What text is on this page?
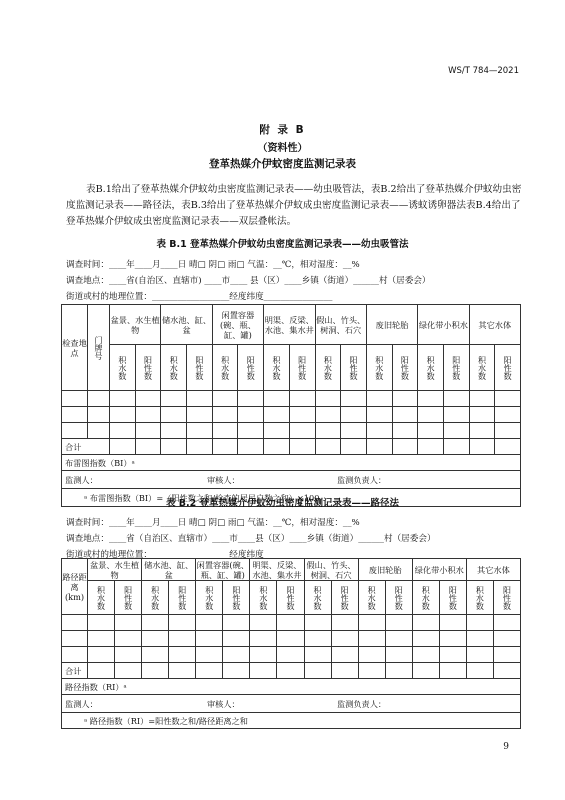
WS/T 784—2021
附 录 B
（资料性）
登革热媒介伊蚊密度监测记录表
表B.1给出了登革热媒介伊蚊幼虫密度监测记录表——幼虫吸管法，表B.2给出了登革热媒介伊蚊幼虫密度监测记录表——路径法，表B.3给出了登革热媒介伊蚊成虫密度监测记录表——诱蚊诱卵器法表B.4给出了登革热媒介伊蚊成虫密度监测记录表——双层叠帐法。
表 B.1 登革热媒介伊蚊幼虫密度监测记录表——幼虫吸管法
调查时间：____年____月____日 晴□ 阴□ 雨□ 气温：__℃，相对湿度：__%
调查地点：____省(自治区、直辖市) ____市____ 县（区）____乡镇（街道）______村（居委会）
街道或村的地理位置：__________________经度纬度________________
检查地点	门牌号	盆景、水生植物		储水池、缸、盆		闲置容器(碗、瓶、缸、罐)		明渠、反梁、水池、集水井		假山、竹头、树洞、石穴		废旧轮胎		绿化带小积水		其它水体	

		积水数	阳性数	积水数	阳性数	积水数	阳性数	积水数	阳性数	积水数	阳性数	积水数	阳性数	积水数	阳性数	积水数	阳性数

合计																	
布雷图指数（BI）ᵃ																	
监测人： 审核人： 监测负责人：																	
ᵃ 布雷图指数（BI）=（阳性数之和/检查的居民户数之和）×100																	
表 B.2 登革热媒介伊蚊幼虫密度监测记录表——路径法
调查时间：____年____月____日 晴□ 阴□ 雨□ 气温：__℃，相对湿度：__%
调查地点：____省（自治区、直辖市）____市____县（区）____乡镇（街道）______村（居委会）
街道或村的地理位置：__________________经度纬度________________
路径距离(km)	盆景、水生植物		储水池、缸、盆		闲置容器(碗、瓶、缸、罐)		明渠、反梁、水池、集水井		假山、竹头、树洞、石穴		废旧轮胎		绿化带小积水		其它水体	

	积水数	阳性数	积水数	阳性数	积水数	阳性数	积水数	阳性数	积水数	阳性数	积水数	阳性数	积水数	阳性数	积水数	阳性数

合计																
路径指数（RI）ᵃ																
监测人： 审核人： 监测负责人：																
ᵃ 路径指数（RI）=阳性数之和/路径距离之和																
9
